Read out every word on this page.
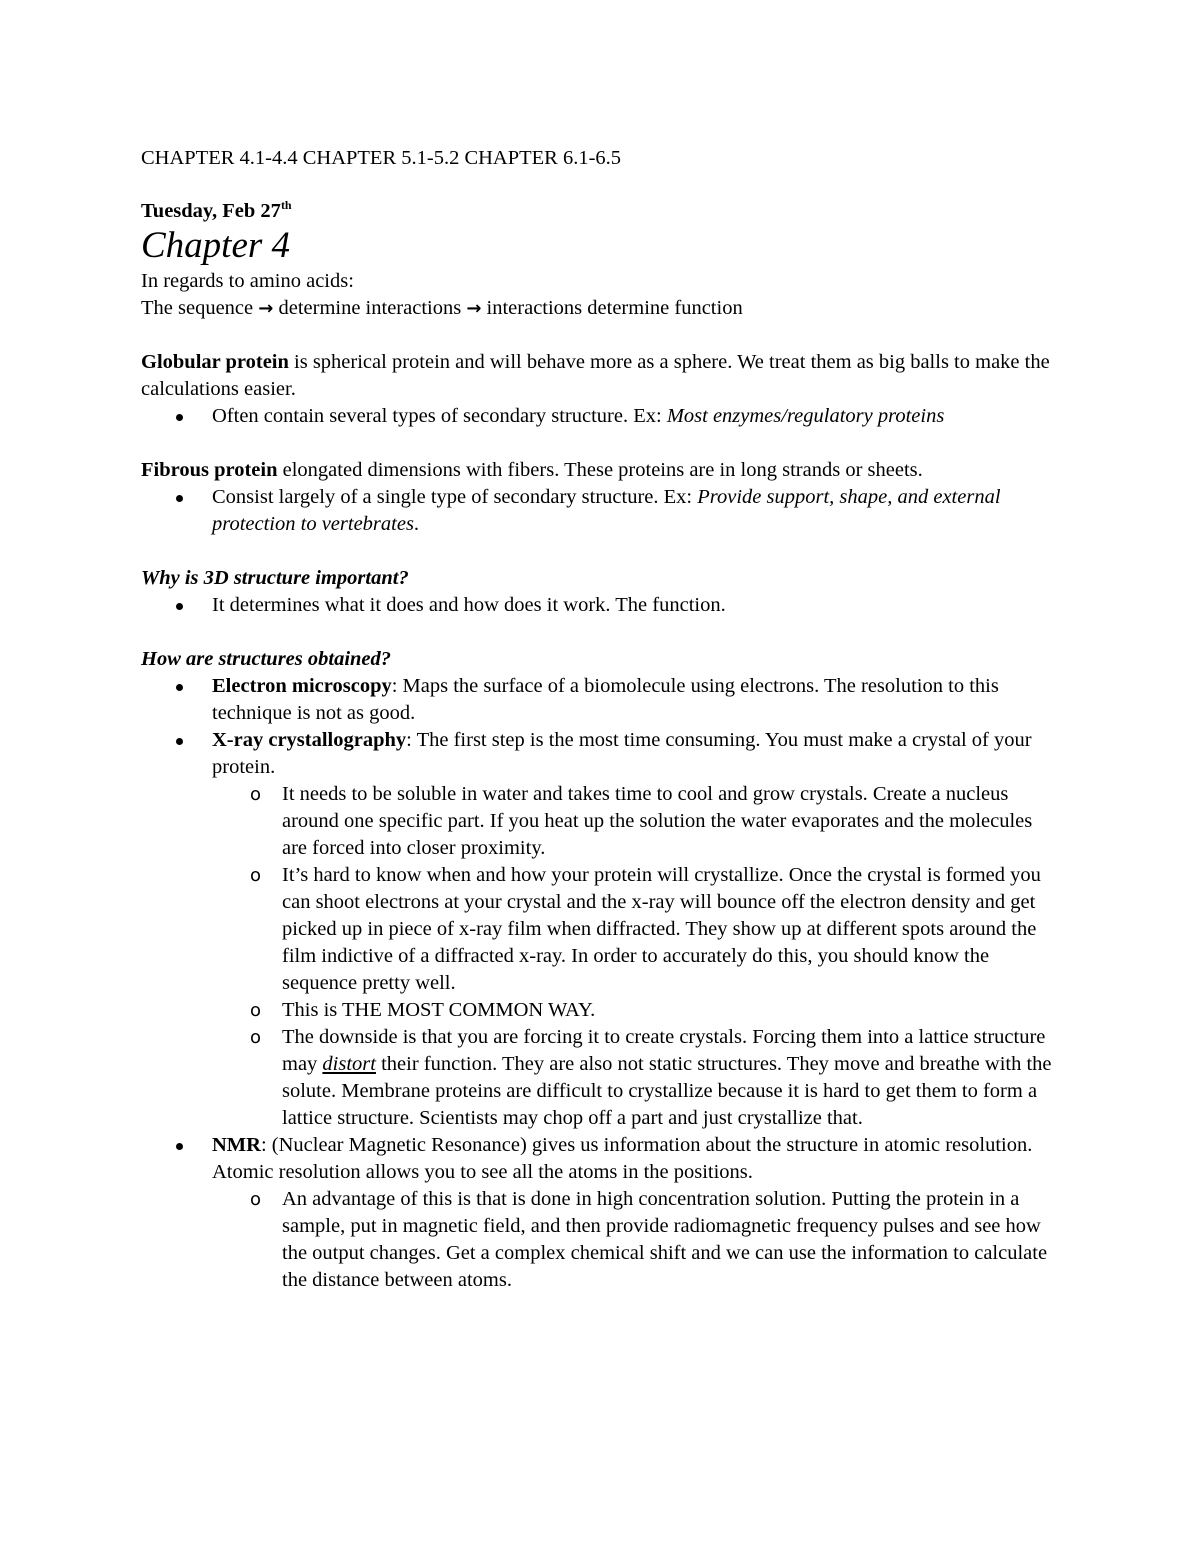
CHAPTER 4.1-4.4 CHAPTER 5.1-5.2 CHAPTER 6.1-6.5

Tuesday, Feb 27th

Chapter 4

In regards to amino acids:

The sequence → determine interactions → interactions determine function

Globular protein is spherical protein and will behave more as a sphere. We treat them as big balls to make the calculations easier.

Often contain several types of secondary structure. Ex: Most enzymes/regulatory proteins

Fibrous protein elongated dimensions with fibers. These proteins are in long strands or sheets.

Consist largely of a single type of secondary structure. Ex: Provide support, shape, and external protection to vertebrates.

Why is 3D structure important?

It determines what it does and how does it work. The function.

How are structures obtained?

Electron microscopy: Maps the surface of a biomolecule using electrons. The resolution to this technique is not as good.
X-ray crystallography: The first step is the most time consuming. You must make a crystal of your protein.
o It needs to be soluble in water and takes time to cool and grow crystals. Create a nucleus around one specific part. If you heat up the solution the water evaporates and the molecules are forced into closer proximity.
o It’s hard to know when and how your protein will crystallize. Once the crystal is formed you can shoot electrons at your crystal and the x-ray will bounce off the electron density and get picked up in piece of x-ray film when diffracted. They show up at different spots around the film indictive of a diffracted x-ray. In order to accurately do this, you should know the sequence pretty well.
o This is THE MOST COMMON WAY.
o The downside is that you are forcing it to create crystals. Forcing them into a lattice structure may distort their function. They are also not static structures. They move and breathe with the solute. Membrane proteins are difficult to crystallize because it is hard to get them to form a lattice structure. Scientists may chop off a part and just crystallize that.
NMR: (Nuclear Magnetic Resonance) gives us information about the structure in atomic resolution. Atomic resolution allows you to see all the atoms in the positions.
o An advantage of this is that is done in high concentration solution. Putting the protein in a sample, put in magnetic field, and then provide radiomagnetic frequency pulses and see how the output changes. Get a complex chemical shift and we can use the information to calculate the distance between atoms.
